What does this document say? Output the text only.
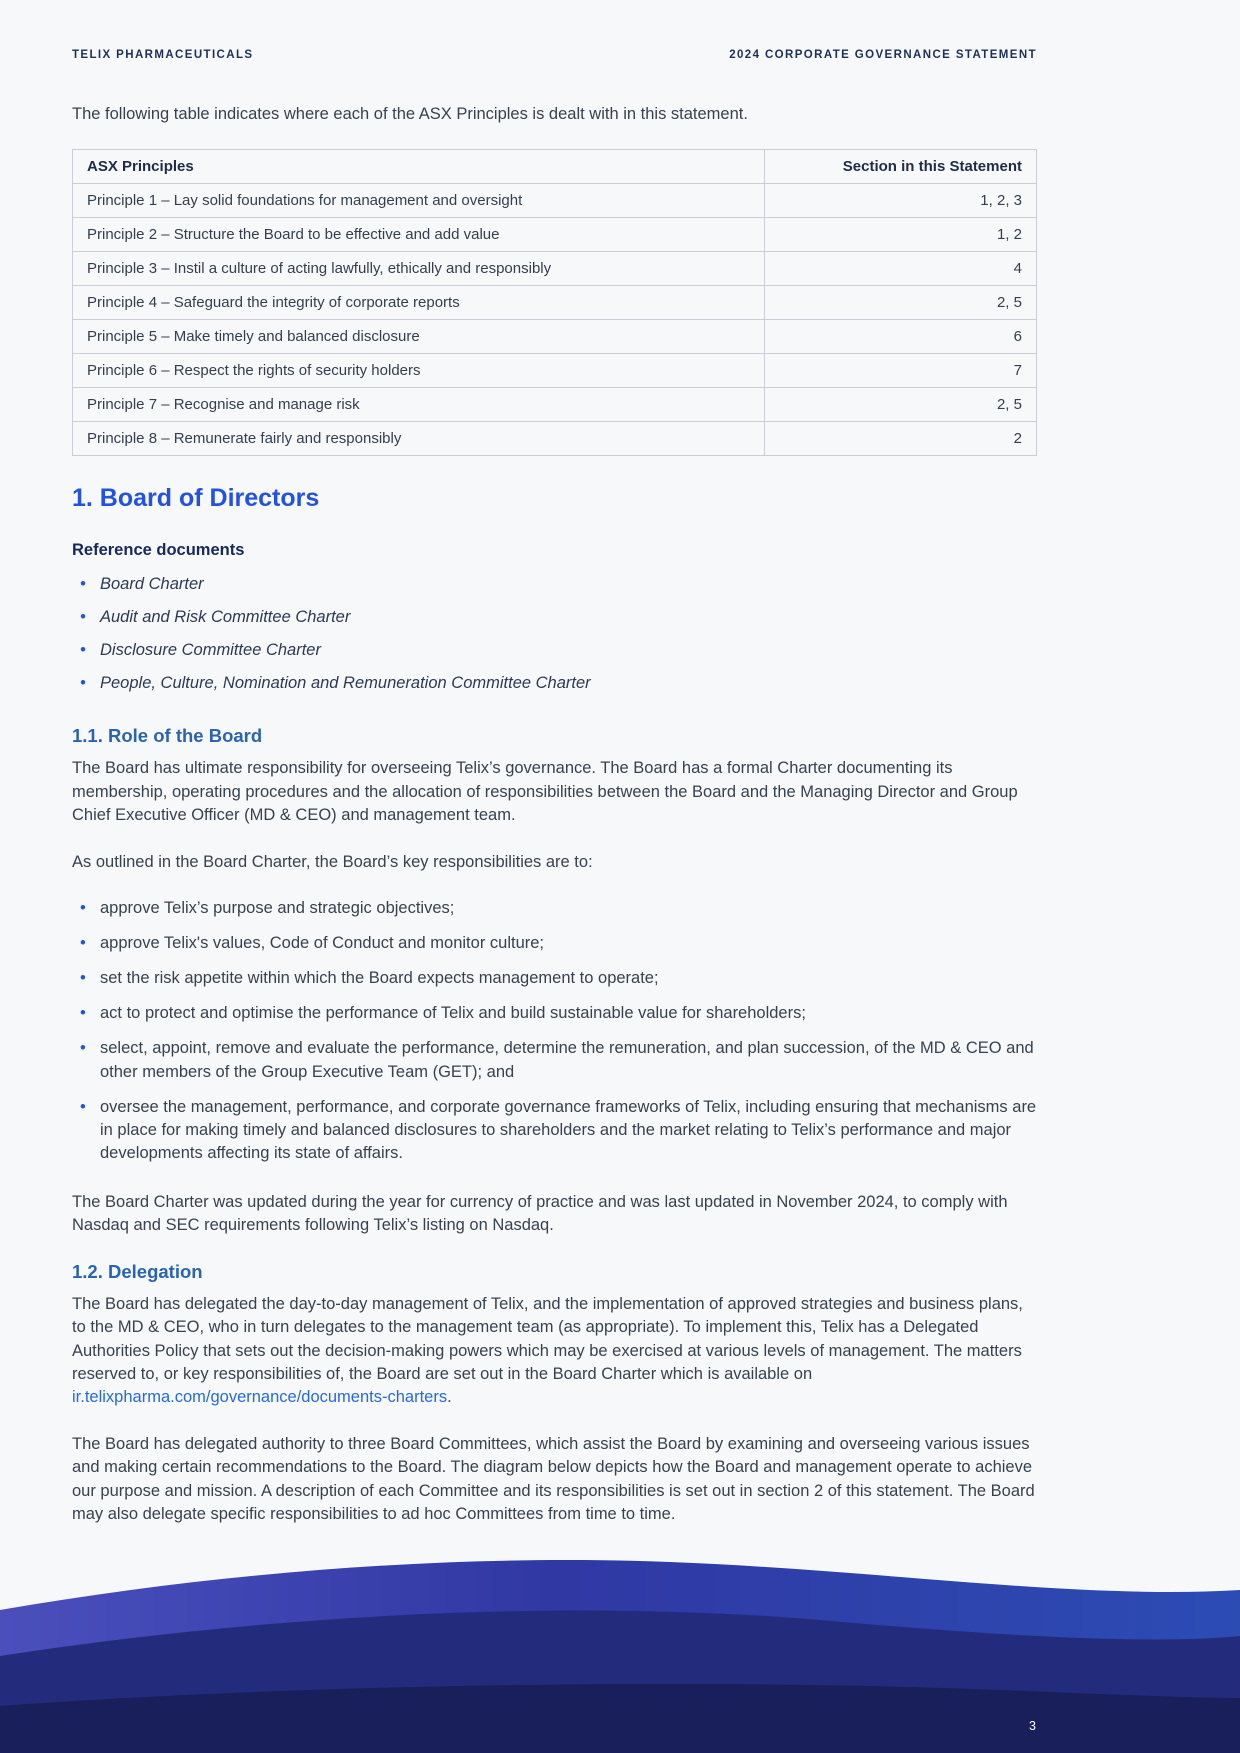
TELIX PHARMACEUTICALS	2024 CORPORATE GOVERNANCE STATEMENT

The following table indicates where each of the ASX Principles is dealt with in this statement.

ASX Principles	Section in this Statement
Principle 1 – Lay solid foundations for management and oversight	1, 2, 3
Principle 2 – Structure the Board to be effective and add value	1, 2
Principle 3 – Instil a culture of acting lawfully, ethically and responsibly	4
Principle 4 – Safeguard the integrity of corporate reports	2, 5
Principle 5 – Make timely and balanced disclosure	6
Principle 6 – Respect the rights of security holders	7
Principle 7 – Recognise and manage risk	2, 5
Principle 8 – Remunerate fairly and responsibly	2
1. Board of Directors

Reference documents

• Board Charter
• Audit and Risk Committee Charter
• Disclosure Committee Charter
• People, Culture, Nomination and Remuneration Committee Charter
1.1. Role of the Board

The Board has ultimate responsibility for overseeing Telix’s governance. The Board has a formal Charter documenting its membership, operating procedures and the allocation of responsibilities between the Board and the Managing Director and Group Chief Executive Officer (MD & CEO) and management team.

As outlined in the Board Charter, the Board’s key responsibilities are to:

• approve Telix’s purpose and strategic objectives;
• approve Telix's values, Code of Conduct and monitor culture;
• set the risk appetite within which the Board expects management to operate;
• act to protect and optimise the performance of Telix and build sustainable value for shareholders;
• select, appoint, remove and evaluate the performance, determine the remuneration, and plan succession, of the MD & CEO and other members of the Group Executive Team (GET); and
• oversee the management, performance, and corporate governance frameworks of Telix, including ensuring that mechanisms are in place for making timely and balanced disclosures to shareholders and the market relating to Telix’s performance and major developments affecting its state of affairs.

The Board Charter was updated during the year for currency of practice and was last updated in November 2024, to comply with Nasdaq and SEC requirements following Telix’s listing on Nasdaq.

1.2. Delegation

The Board has delegated the day-to-day management of Telix, and the implementation of approved strategies and business plans, to the MD & CEO, who in turn delegates to the management team (as appropriate). To implement this, Telix has a Delegated Authorities Policy that sets out the decision-making powers which may be exercised at various levels of management. The matters reserved to, or key responsibilities of, the Board are set out in the Board Charter which is available on ir.telixpharma.com/governance/documents-charters.

The Board has delegated authority to three Board Committees, which assist the Board by examining and overseeing various issues and making certain recommendations to the Board. The diagram below depicts how the Board and management operate to achieve our purpose and mission. A description of each Committee and its responsibilities is set out in section 2 of this statement. The Board may also delegate specific responsibilities to ad hoc Committees from time to time.

3
